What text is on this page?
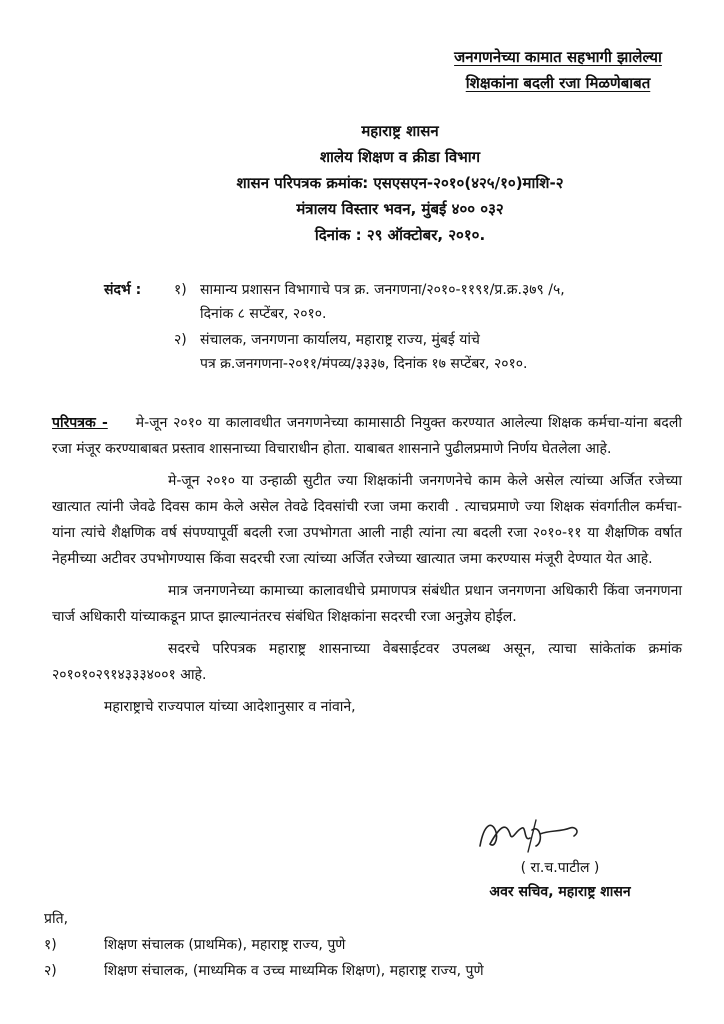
जनगणनेच्या कामात सहभागी झालेल्या
शिक्षकांना बदली रजा मिळणेबाबत
महाराष्ट्र शासन
शालेय शिक्षण व क्रीडा विभाग
शासन परिपत्रक क्रमांक: एसएसएन-२०१०(४२५/१०)माशि-२
मंत्रालय विस्तार भवन, मुंबई ४०० ०३२
दिनांक : २९ ऑक्टोबर, २०१०.
संदर्भ : १) सामान्य प्रशासन विभागाचे पत्र क्र. जनगणना/२०१०-११९१/प्र.क्र.३७९ /५,
दिनांक ८ सप्टेंबर, २०१०.
२) संचालक, जनगणना कार्यालय, महाराष्ट्र राज्य, मुंबई यांचे
पत्र क्र.जनगणना-२०११/मंपव्य/३३३७, दिनांक १७ सप्टेंबर, २०१०.

परिपत्रक - मे-जून २०१० या कालावधीत जनगणनेच्या कामासाठी नियुक्त करण्यात आलेल्या शिक्षक कर्मचा-यांना बदली रजा मंजूर करण्याबाबत प्रस्ताव शासनाच्या विचाराधीन होता. याबाबत शासनाने पुढीलप्रमाणे निर्णय घेतलेला आहे.

मे-जून २०१० या उन्हाळी सुटीत ज्या शिक्षकांनी जनगणनेचे काम केले असेल त्यांच्या अर्जित रजेच्या खात्यात त्यांनी जेवढे दिवस काम केले असेल तेवढे दिवसांची रजा जमा करावी . त्याचप्रमाणे ज्या शिक्षक संवर्गातील कर्मचा-यांना त्यांचे शैक्षणिक वर्ष संपण्यापूर्वी बदली रजा उपभोगता आली नाही त्यांना त्या बदली रजा २०१०-११ या शैक्षणिक वर्षात नेहमीच्या अटीवर उपभोगण्यास किंवा सदरची रजा त्यांच्या अर्जित रजेच्या खात्यात जमा करण्यास मंजूरी देण्यात येत आहे.

मात्र जनगणनेच्या कामाच्या कालावधीचे प्रमाणपत्र संबंधीत प्रधान जनगणना अधिकारी किंवा जनगणना चार्ज अधिकारी यांच्याकडून प्राप्त झाल्यानंतरच संबंधित शिक्षकांना सदरची रजा अनुज्ञेय होईल.

सदरचे परिपत्रक महाराष्ट्र शासनाच्या वेबसाईटवर उपलब्ध असून, त्याचा सांकेतांक क्रमांक २०१०१०२९१४३३३४००१ आहे.

महाराष्ट्राचे राज्यपाल यांच्या आदेशानुसार व नांवाने,
( रा.च.पाटील )
अवर सचिव, महाराष्ट्र शासन
प्रति,
१)	शिक्षण संचालक (प्राथमिक), महाराष्ट्र राज्य, पुणे
२)	शिक्षण संचालक, (माध्यमिक व उच्च माध्यमिक शिक्षण), महाराष्ट्र राज्य, पुणे
